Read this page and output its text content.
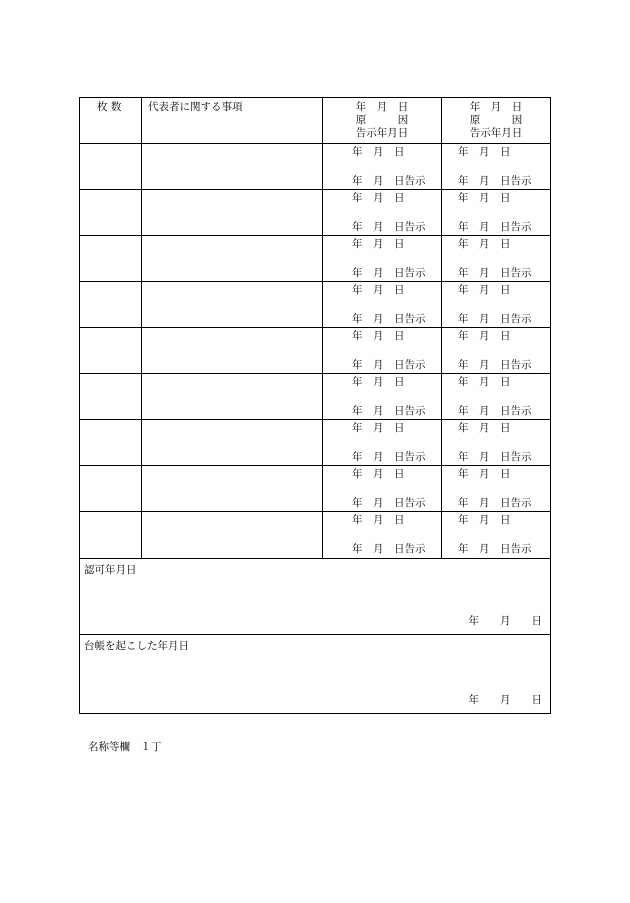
枚 数	代表者に関する事項	年　月　日
原　　　因
告示年月日
年　月　日
原　　　因
告示年月日
年　月　日
年　月　日告示
年　月　日
年　月　日告示
年　月　日
年　月　日告示
年　月　日
年　月　日告示
年　月　日
年　月　日告示
年　月　日
年　月　日告示
年　月　日
年　月　日告示
年　月　日
年　月　日告示
年　月　日
年　月　日告示
年　月　日
年　月　日告示
年　月　日
年　月　日告示
年　月　日
年　月　日告示
年　月　日
年　月　日告示
年　月　日
年　月　日告示
年　月　日
年　月　日告示
年　月　日
年　月　日告示
年　月　日
年　月　日告示
年　月　日
年　月　日告示
認可年月日
年　　月　　日
台帳を起こした年月日
年　　月　　日
名称等欄　１丁
